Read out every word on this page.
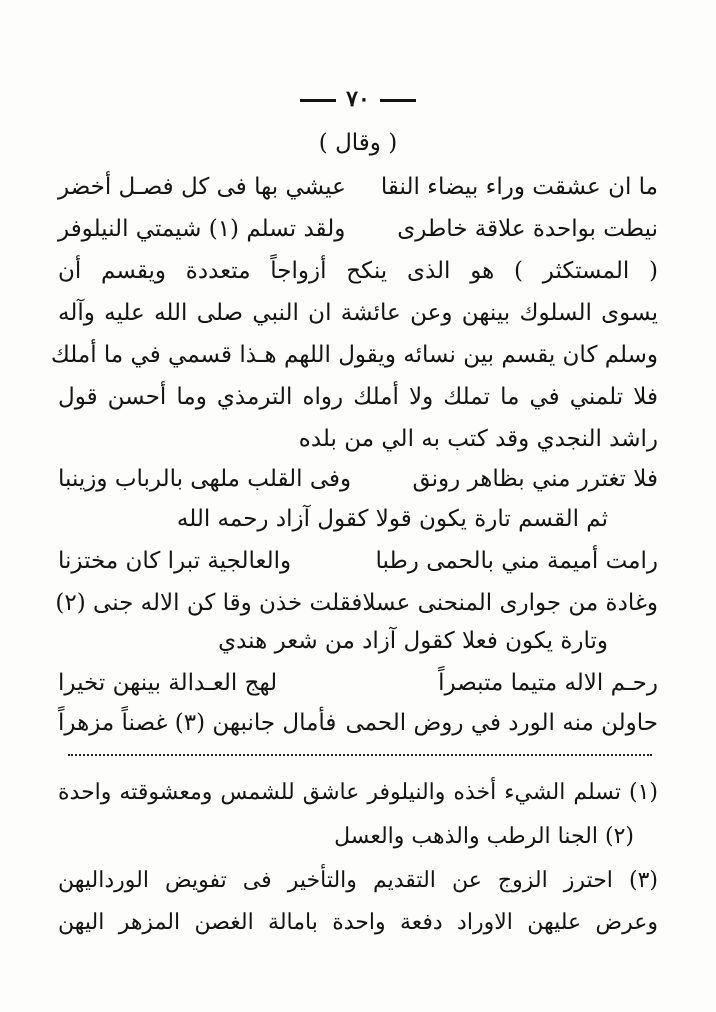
٧٠
( وقال )
ما ان عشقت وراء بيضاء النقا
عيشي بها فى كل فصـل أخضر
نيطت بواحدة علاقة خاطرى
ولقد تسلم (١) شيمتي النيلوفر
( المستكثر ) هو الذى ينكح أزواجاً متعددة ويقسم أن
يسوى السلوك بينهن وعن عائشة ان النبي صلى الله عليه وآله
وسلم كان يقسم بين نسائه ويقول اللهم هـذا قسمي في ما أملك
فلا تلمني في ما تملك ولا أملك رواه الترمذي وما أحسن قول
راشد النجدي وقد كتب به الي من بلده
فلا تغترر مني بظاهر رونق
وفى القلب ملهى بالرباب وزينبا
ثم القسم تارة يكون قولا كقول آزاد رحمه الله
رامت أميمة مني بالحمى رطبا
والعالجية تبرا كان مختزنا
وغادة من جوارى المنحنى عسلا
فقلت خذن وقا كن الاله جنى (٢)
وتارة يكون فعلا كقول آزاد من شعر هندي
رحـم الاله متيما متبصراً
لهج العـدالة بينهن تخيرا
حاولن منه الورد في روض الحمى
فأمال جانبهن (٣) غصناً مزهراً
(١) تسلم الشيء أخذه والنيلوفر عاشق للشمس ومعشوقته واحدة
(٢) الجنا الرطب والذهب والعسل
(٣) احترز الزوج عن التقديم والتأخير فى تفويض الورداليهن
وعرض عليهن الاوراد دفعة واحدة بامالة الغصن المزهر اليهن
